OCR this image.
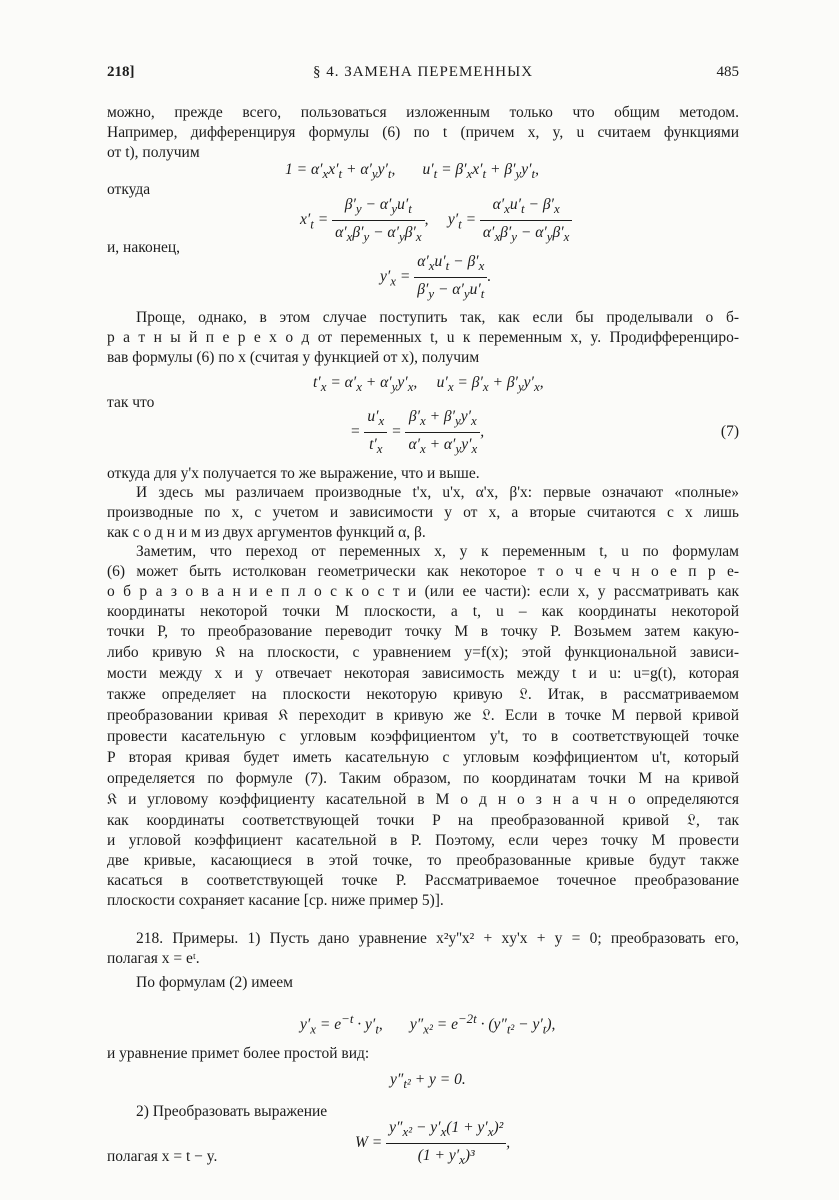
218]	§ 4. ЗАМЕНА ПЕРЕМЕННЫХ	485
можно, прежде всего, пользоваться изложенным только что общим методом.
Например, дифференцируя формулы (6) по t (причем x, y, u считаем функциями
от t), получим
$1 = \alpha'_xx'_t + \alpha'_yy'_t$,       $u'_t = \beta'_xx'_t + \beta'_yy'_t$,
откуда
$x'_t = \frac{\beta'_y - \alpha'_yu'_t}{\alpha'_x\beta'_y - \alpha'_y\beta'_x}$ ,     $y'_t = \frac{\alpha'_xu'_t - \beta'_x}{\alpha'_x\beta'_y - \alpha'_y\beta'_x}$
и, наконец,
$y'_x = \frac{\alpha'_xu'_t - \beta'_x}{\beta'_y - \alpha'_yu'_t}$ .
Проще, однако, в этом случае поступить так, как если бы проделывали о б-
р а т н ы й п е р е х о д от переменных t, u к переменным x, y. Продифференциро-
вав формулы (6) по x (считая y функцией от x), получим
$t'_x = \alpha'_x + \alpha'_yy'_x$,     $u'_x = \beta'_x + \beta'_yy'_x$,
так что
= $\frac{u'_x}{t'_x} = \frac{\beta'_x + \beta'_yy'_x}{\alpha'_x + \alpha'_yy'_x}$ ,	(7)
откуда для y'x получается то же выражение, что и выше.
И здесь мы различаем производные t'x, u'x, α'x, β'x: первые означают «полные»
производные по x, с учетом и зависимости y от x, а вторые считаются с x лишь
как с о д н и м из двух аргументов функций α, β.
Заметим, что переход от переменных x, y к переменным t, u по формулам
(6) может быть истолкован геометрически как некоторое т о ч е ч н о е п р е-
о б р а з о в а н и е п л о с к о с т и (или ее части): если x, y рассматривать как
координаты некоторой точки M плоскости, а t, u – как координаты некоторой
точки P, то преобразование переводит точку M в точку P. Возьмем затем какую-
либо кривую 𝔎 на плоскости, с уравнением y=f(x); этой функциональной зависи-
мости между x и y отвечает некоторая зависимость между t и u: u=g(t), которая
также определяет на плоскости некоторую кривую 𝔏. Итак, в рассматриваемом
преобразовании кривая 𝔎 переходит в кривую же 𝔏. Если в точке M первой кривой
провести касательную с угловым коэффициентом y't, то в соответствующей точке
P вторая кривая будет иметь касательную с угловым коэффициентом u't, который
определяется по формуле (7). Таким образом, по координатам точки M на кривой
𝔎 и угловому коэффициенту касательной в M о д н о з н а ч н о определяются
как координаты соответствующей точки P на преобразованной кривой 𝔏, так
и угловой коэффициент касательной в P. Поэтому, если через точку M провести
две кривые, касающиеся в этой точке, то преобразованные кривые будут также
касаться в соответствующей точке P. Рассматриваемое точечное преобразование
плоскости сохраняет касание [ср. ниже пример 5)].
218. Примеры. 1) Пусть дано уравнение x²y''x² + xy'x + y = 0; преобразовать его,
полагая x = eᵗ.
По формулам (2) имеем
$y'_x = e^{-t} \cdot y'_t$,       $y''_{x^2} = e^{-2t} \cdot (y''_{t^2} - y'_t)$,
и уравнение примет более простой вид:
$y''_{t^2} + y = 0$.
2) Преобразовать выражение
$W = \frac{y''_{x^2} - y'_x(1 + y'_x)^2}{(1 + y'_x)^3}$ ,
полагая x = t − y.
